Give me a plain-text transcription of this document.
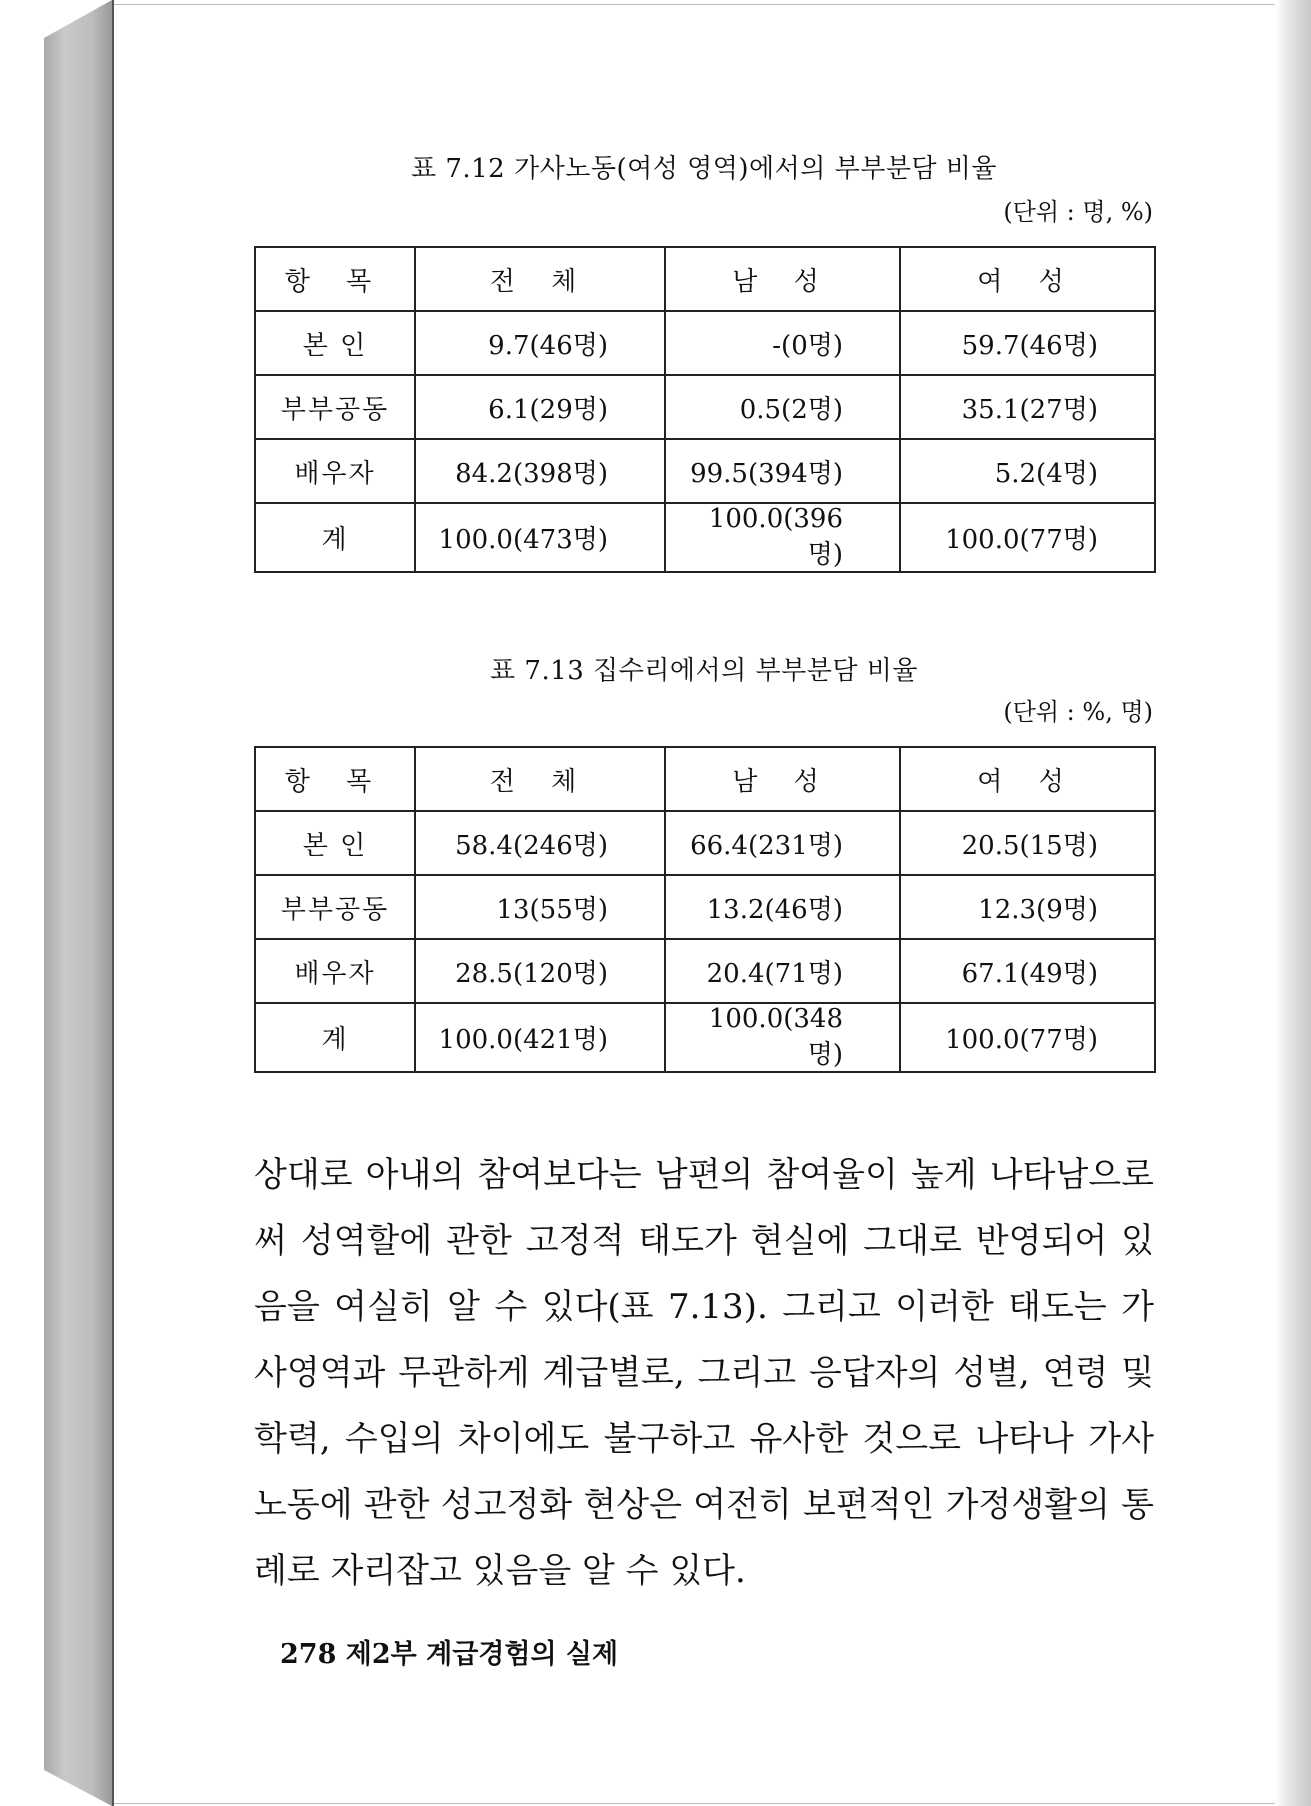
표 7.12 가사노동(여성 영역)에서의 부부분담 비율
(단위 : 명, %)
항 목	전 체	남 성	여 성
본 인	9.7(46명)	-(0명)	59.7(46명)
부부공동	6.1(29명)	0.5(2명)	35.1(27명)
배우자	84.2(398명)	99.5(394명)	5.2(4명)
계	100.0(473명)	100.0(396명)	100.0(77명)
표 7.13 집수리에서의 부부분담 비율
(단위 : %, 명)
항 목	전 체	남 성	여 성
본 인	58.4(246명)	66.4(231명)	20.5(15명)
부부공동	13(55명)	13.2(46명)	12.3(9명)
배우자	28.5(120명)	20.4(71명)	67.1(49명)
계	100.0(421명)	100.0(348명)	100.0(77명)
상대로 아내의 참여보다는 남편의 참여율이 높게 나타남으로써 성역할에 관한 고정적 태도가 현실에 그대로 반영되어 있음을 여실히 알 수 있다(표 7.13). 그리고 이러한 태도는 가사영역과 무관하게 계급별로, 그리고 응답자의 성별, 연령 및 학력, 수입의 차이에도 불구하고 유사한 것으로 나타나 가사노동에 관한 성고정화 현상은 여전히 보편적인 가정생활의 통례로 자리잡고 있음을 알 수 있다.
278 제2부 계급경험의 실제
